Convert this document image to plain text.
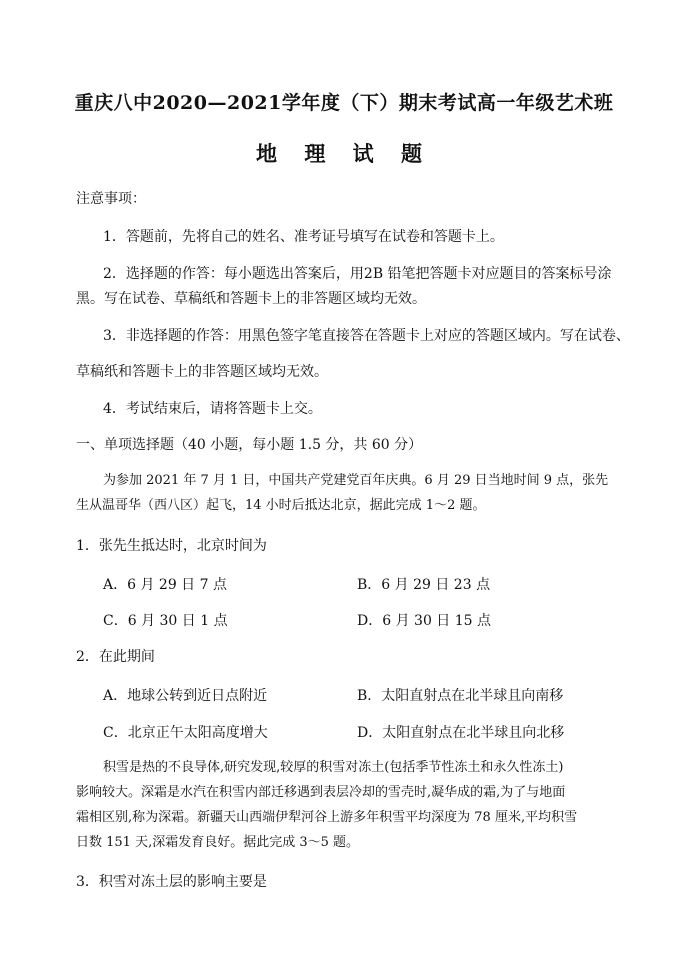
重庆八中2020—2021学年度（下）期末考试高一年级艺术班
地 理 试 题
注意事项：
1．答题前，先将自己的姓名、准考证号填写在试卷和答题卡上。
2．选择题的作答：每小题选出答案后，用2B 铅笔把答题卡对应题目的答案标号涂
黑。写在试卷、草稿纸和答题卡上的非答题区域均无效。
3．非选择题的作答：用黑色签字笔直接答在答题卡上对应的答题区域内。写在试卷、
草稿纸和答题卡上的非答题区域均无效。
4．考试结束后，请将答题卡上交。
一、单项选择题（40 小题，每小题 1.5 分，共 60 分）
为参加 2021 年 7 月 1 日，中国共产党建党百年庆典。6 月 29 日当地时间 9 点，张先
生从温哥华（西八区）起飞，14 小时后抵达北京，据此完成 1～2 题。
1．张先生抵达时，北京时间为
A．6 月 29 日 7 点	B．6 月 29 日 23 点
C．6 月 30 日 1 点	D．6 月 30 日 15 点
2．在此期间
A．地球公转到近日点附近	B．太阳直射点在北半球且向南移
C．北京正午太阳高度增大	D．太阳直射点在北半球且向北移
积雪是热的不良导体,研究发现,较厚的积雪对冻土(包括季节性冻土和永久性冻土)
影响较大。深霜是水汽在积雪内部迁移遇到表层冷却的雪壳时,凝华成的霜,为了与地面
霜相区别,称为深霜。新疆天山西端伊犁河谷上游多年积雪平均深度为 78 厘米,平均积雪
日数 151 天,深霜发育良好。据此完成 3～5 题。
3．积雪对冻土层的影响主要是
